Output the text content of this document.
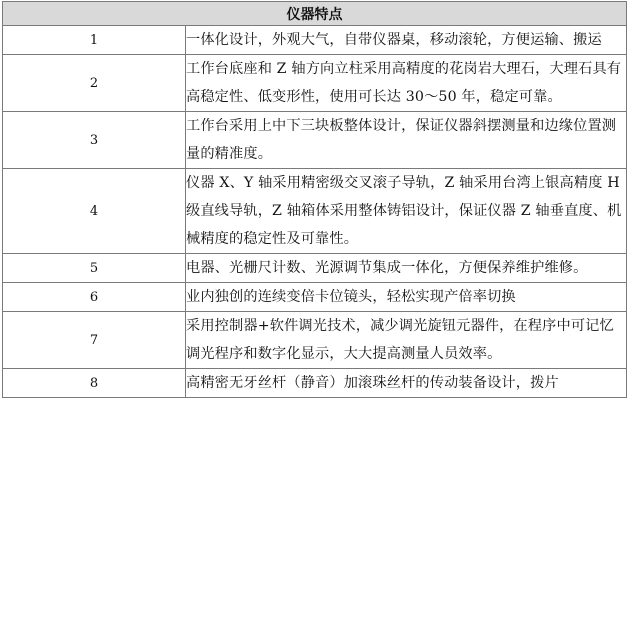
仪器特点	
1	一体化设计，外观大气，自带仪器桌，移动滚轮，方便运输、搬运
2	工作台底座和 Z 轴方向立柱采用高精度的花岗岩大理石，大理石具有高稳定性、低变形性，使用可长达 30～50 年，稳定可靠。
3	工作台采用上中下三块板整体设计，保证仪器斜摆测量和边缘位置测量的精准度。
4	仪器 X、Y 轴采用精密级交叉滚子导轨，Z 轴采用台湾上银高精度 H 级直线导轨，Z 轴箱体采用整体铸铝设计，保证仪器 Z 轴垂直度、机械精度的稳定性及可靠性。
5	电器、光栅尺计数、光源调节集成一体化，方便保养维护维修。
6	业内独创的连续变倍卡位镜头，轻松实现产倍率切换
7	采用控制器+软件调光技术，减少调光旋钮元器件，在程序中可记忆调光程序和数字化显示，大大提高测量人员效率。
8	高精密无牙丝杆（静音）加滚珠丝杆的传动装备设计，拨片
